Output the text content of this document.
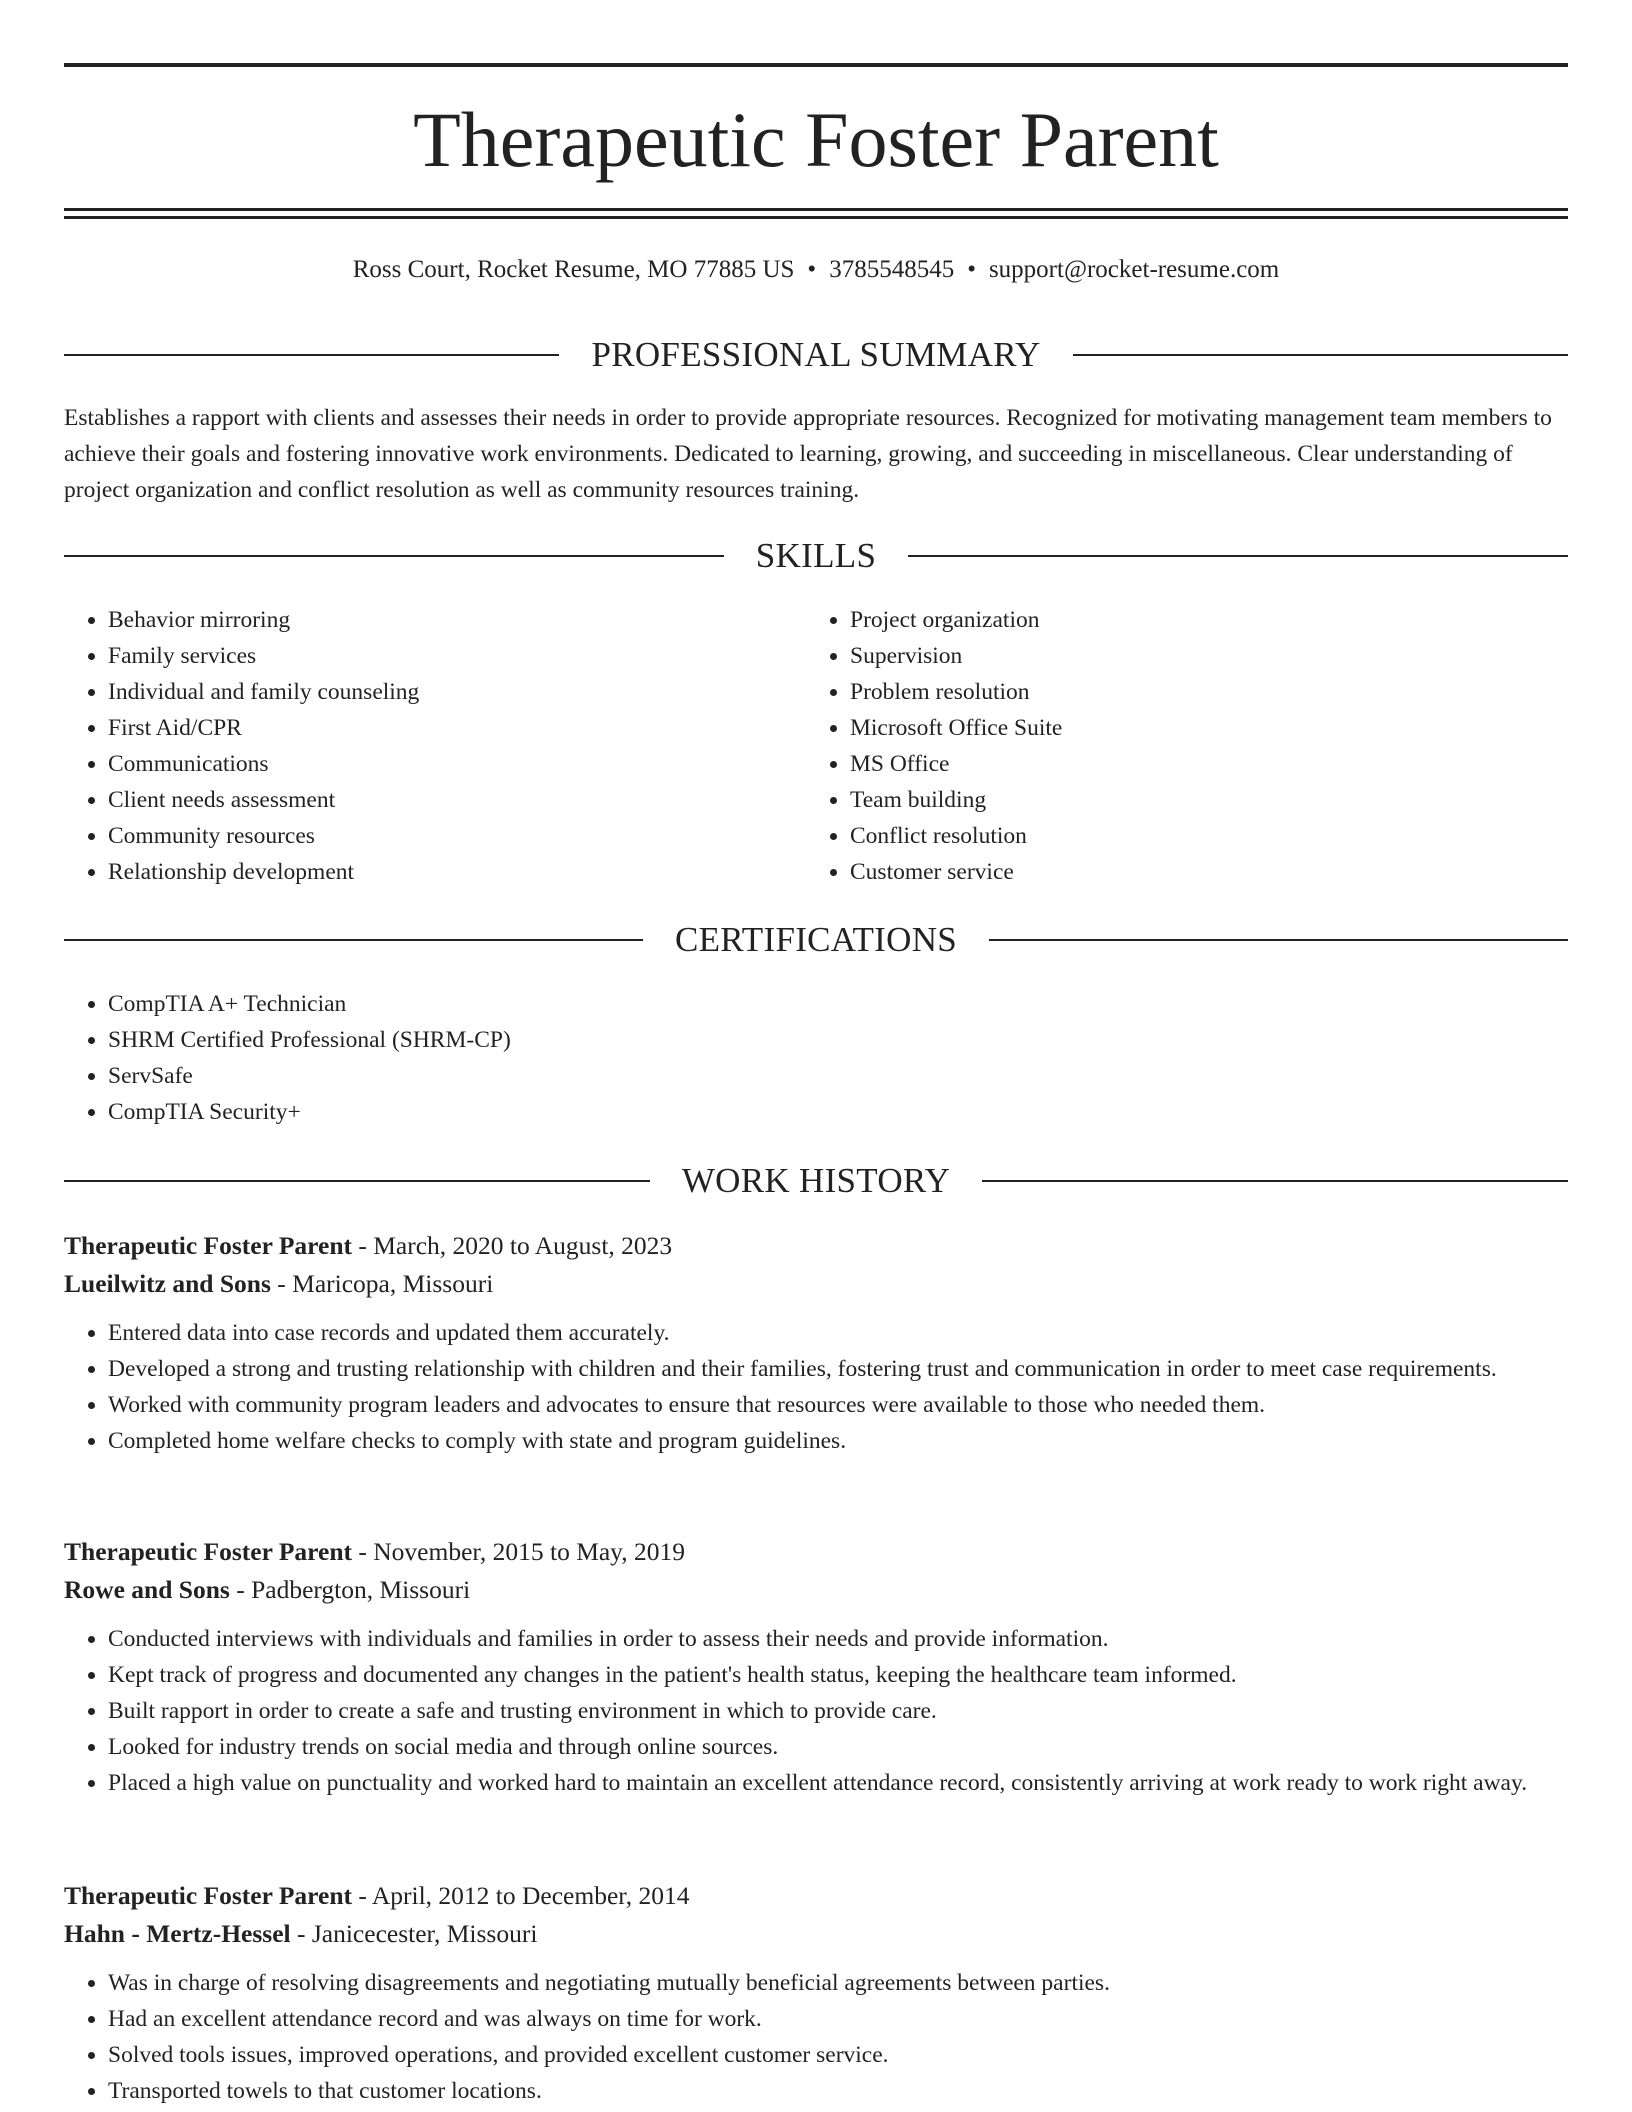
Therapeutic Foster Parent
Ross Court, Rocket Resume, MO 77885 US • 3785548545 • support@rocket-resume.com
PROFESSIONAL SUMMARY

Establishes a rapport with clients and assesses their needs in order to provide appropriate resources. Recognized for motivating management team members to achieve their goals and fostering innovative work environments. Dedicated to learning, growing, and succeeding in miscellaneous. Clear understanding of project organization and conflict resolution as well as community resources training.

SKILLS
• Behavior mirroring
• Family services
• Individual and family counseling
• First Aid/CPR
• Communications
• Client needs assessment
• Community resources
• Relationship development
• Project organization
• Supervision
• Problem resolution
• Microsoft Office Suite
• MS Office
• Team building
• Conflict resolution
• Customer service
CERTIFICATIONS
• CompTIA A+ Technician
• SHRM Certified Professional (SHRM-CP)
• ServSafe
• CompTIA Security+
WORK HISTORY
Therapeutic Foster Parent - March, 2020 to August, 2023
Lueilwitz and Sons - Maricopa, Missouri
• Entered data into case records and updated them accurately.
• Developed a strong and trusting relationship with children and their families, fostering trust and communication in order to meet case requirements.
• Worked with community program leaders and advocates to ensure that resources were available to those who needed them.
• Completed home welfare checks to comply with state and program guidelines.
Therapeutic Foster Parent - November, 2015 to May, 2019
Rowe and Sons - Padbergton, Missouri
• Conducted interviews with individuals and families in order to assess their needs and provide information.
• Kept track of progress and documented any changes in the patient's health status, keeping the healthcare team informed.
• Built rapport in order to create a safe and trusting environment in which to provide care.
• Looked for industry trends on social media and through online sources.
• Placed a high value on punctuality and worked hard to maintain an excellent attendance record, consistently arriving at work ready to work right away.
Therapeutic Foster Parent - April, 2012 to December, 2014
Hahn - Mertz-Hessel - Janicecester, Missouri
• Was in charge of resolving disagreements and negotiating mutually beneficial agreements between parties.
• Had an excellent attendance record and was always on time for work.
• Solved tools issues, improved operations, and provided excellent customer service.
• Transported towels to that customer locations.
